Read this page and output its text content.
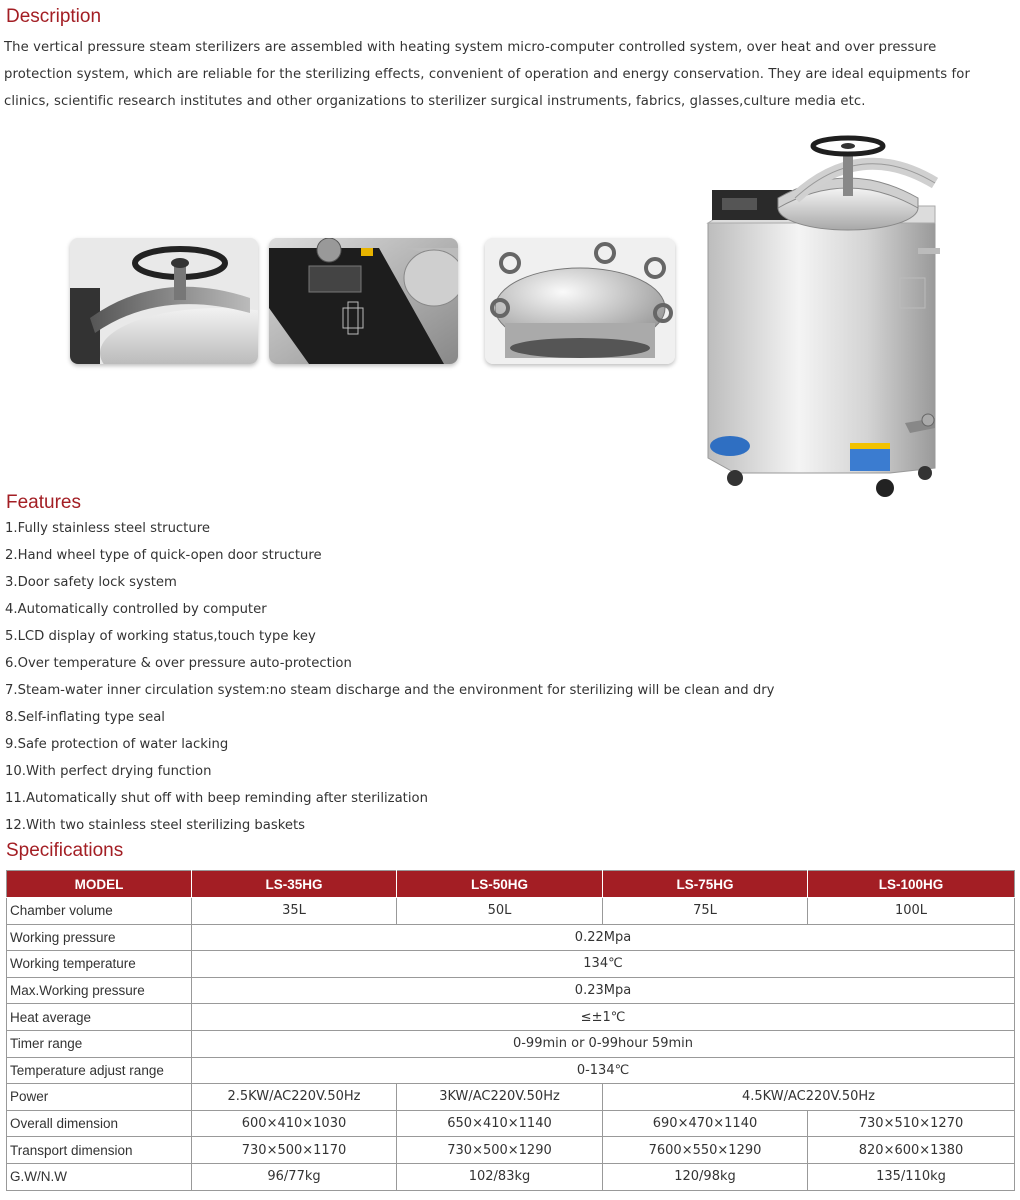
Description
The vertical pressure steam sterilizers are assembled with heating system micro-computer controlled system, over heat and over pressure protection system, which are reliable for the sterilizing effects, convenient of operation and energy conservation. They are ideal equipments for clinics, scientific research institutes and other organizations to sterilizer surgical instruments, fabrics, glasses,culture media etc.
Features
1.Fully stainless steel structure
2.Hand wheel type of quick-open door structure
3.Door safety lock system
4.Automatically controlled by computer
5.LCD display of working status,touch type key
6.Over temperature & over pressure auto-protection
7.Steam-water inner circulation system:no steam discharge and the environment for sterilizing will be clean and dry
8.Self-inflating type seal
9.Safe protection of water lacking
10.With perfect drying function
11.Automatically shut off with beep reminding after sterilization
12.With two stainless steel sterilizing baskets
Specifications
MODEL	LS-35HG	LS-50HG	LS-75HG	LS-100HG
Chamber volume	35L	50L	75L	100L
Working pressure	0.22Mpa			
Working temperature	134℃			
Max.Working pressure	0.23Mpa			
Heat average	≤±1℃			
Timer range	0-99min or 0-99hour 59min			
Temperature adjust range	0-134℃			
Power	2.5KW/AC220V.50Hz	3KW/AC220V.50Hz	4.5KW/AC220V.50Hz	
Overall dimension	600×410×1030	650×410×1140	690×470×1140	730×510×1270
Transport dimension	730×500×1170	730×500×1290	7600×550×1290	820×600×1380
G.W/N.W	96/77kg	102/83kg	120/98kg	135/110kg
